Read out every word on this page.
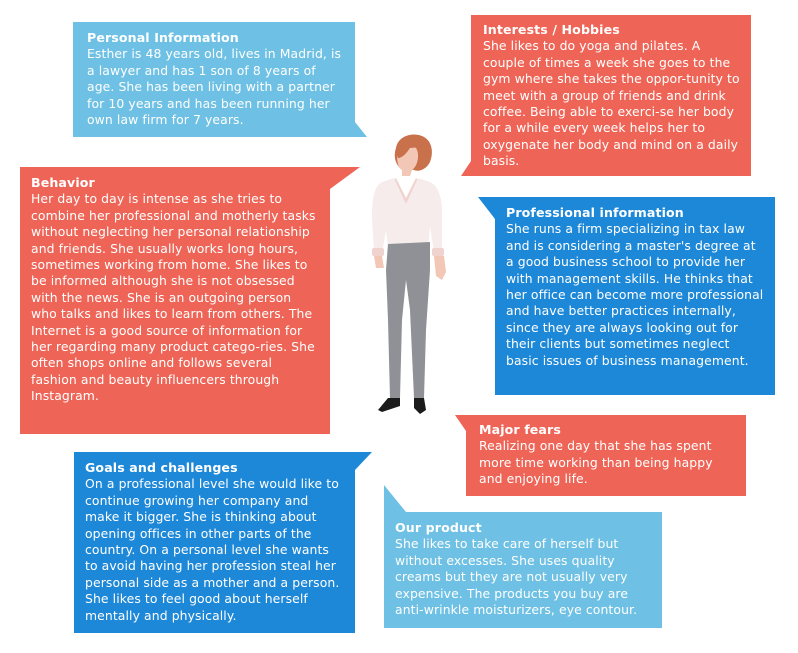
Personal Information
Esther is 48 years old, lives in Madrid, is a lawyer and has 1 son of 8 years of age. She has been living with a partner for 10 years and has been running her own law firm for 7 years.
Interests / Hobbies
She likes to do yoga and pilates. A couple of times a week she goes to the gym where she takes the oppor-tunity to meet with a group of friends and drink coffee. Being able to exerci-se her body for a while every week helps her to oxygenate her body and mind on a daily basis.
Behavior
Her day to day is intense as she tries to combine her professional and motherly tasks without neglecting her personal relationship and friends. She usually works long hours, sometimes working from home. She likes to be informed although she is not obsessed with the news. She is an outgoing person who talks and likes to learn from others. The Internet is a good source of information for her regarding many product catego-ries. She often shops online and follows several fashion and beauty influencers through Instagram.
Professional information
She runs a firm specializing in tax law and is considering a master's degree at a good business school to provide her with management skills. He thinks that her office can become more professional and have better practices internally, since they are always looking out for their clients but sometimes neglect basic issues of business management.
Major fears
Realizing one day that she has spent more time working than being happy and enjoying life.
Goals and challenges
On a professional level she would like to continue growing her company and make it bigger. She is thinking about opening offices in other parts of the country. On a personal level she wants to avoid having her profession steal her personal side as a mother and a person. She likes to feel good about herself mentally and physically.
Our product
She likes to take care of herself but without excesses. She uses quality creams but they are not usually very expensive. The products you buy are anti-wrinkle moisturizers, eye contour.
